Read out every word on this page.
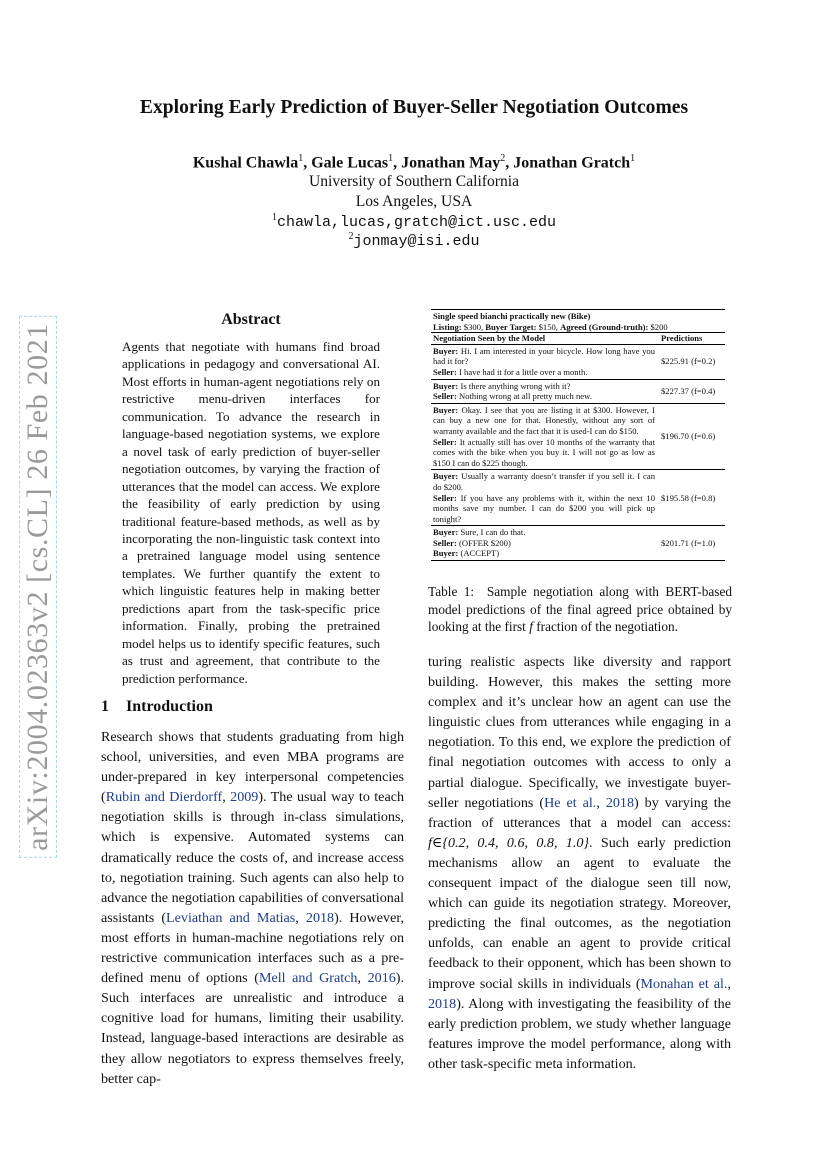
arXiv:2004.02363v2 [cs.CL] 26 Feb 2021
Exploring Early Prediction of Buyer-Seller Negotiation Outcomes
Kushal Chawla$^1$, Gale Lucas$^1$, Jonathan May$^2$, Jonathan Gratch$^1$
University of Southern California
Los Angeles, USA
$^1$chawla,lucas,gratch@ict.usc.edu
$^2$jonmay@isi.edu
Abstract
Agents that negotiate with humans find broad applications in pedagogy and conversational AI. Most efforts in human-agent negotiations rely on restrictive menu-driven interfaces for communication. To advance the research in language-based negotiation systems, we explore a novel task of early prediction of buyer-seller negotiation outcomes, by varying the fraction of utterances that the model can access. We explore the feasibility of early prediction by using traditional feature-based methods, as well as by incorporating the non-linguistic task context into a pretrained language model using sentence templates. We further quantify the extent to which linguistic features help in making better predictions apart from the task-specific price information. Finally, probing the pretrained model helps us to identify specific features, such as trust and agreement, that contribute to the prediction performance.
1 Introduction
Research shows that students graduating from high school, universities, and even MBA programs are under-prepared in key interpersonal competencies (Rubin and Dierdorff, 2009). The usual way to teach negotiation skills is through in-class simulations, which is expensive. Automated systems can dramatically reduce the costs of, and increase access to, negotiation training. Such agents can also help to advance the negotiation capabilities of conversational assistants (Leviathan and Matias, 2018). However, most efforts in human-machine negotiations rely on restrictive communication interfaces such as a pre-defined menu of options (Mell and Gratch, 2016). Such interfaces are unrealistic and introduce a cognitive load for humans, limiting their usability. Instead, language-based interactions are desirable as they allow negotiators to express themselves freely, better cap-
turing realistic aspects like diversity and rapport building. However, this makes the setting more complex and it’s unclear how an agent can use the linguistic clues from utterances while engaging in a negotiation. To this end, we explore the prediction of final negotiation outcomes with access to only a partial dialogue. Specifically, we investigate buyer-seller negotiations (He et al., 2018) by varying the fraction of utterances that a model can access: f∈{0.2, 0.4, 0.6, 0.8, 1.0}. Such early prediction mechanisms allow an agent to evaluate the consequent impact of the dialogue seen till now, which can guide its negotiation strategy. Moreover, predicting the final outcomes, as the negotiation unfolds, can enable an agent to provide critical feedback to their opponent, which has been shown to improve social skills in individuals (Monahan et al., 2018). Along with investigating the feasibility of the early prediction problem, we study whether language features improve the model performance, along with other task-specific meta information.
Single speed bianchi practically new (Bike)
Listing: $300, Buyer Target: $150, Agreed (Ground-truth): $200
Negotiation Seen by the Model	Predictions
Buyer: Hi. I am interested in your bicycle. How long have you had it for?
Seller: I have had it for a little over a month.
$225.91 (f=0.2)
Buyer: Is there anything wrong with it?
Seller: Nothing wrong at all pretty much new.
$227.37 (f=0.4)
Buyer: Okay. I see that you are listing it at $300. However, I can buy a new one for that. Honestly, without any sort of warranty available and the fact that it is used-I can do $150.
Seller: It actually still has over 10 months of the warranty that comes with the bike when you buy it. I will not go as low as $150 I can do $225 though.
$196.70 (f=0.6)
Buyer: Usually a warranty doesn’t transfer if you sell it. I can do $200.
Seller: If you have any problems with it, within the next 10 months save my number. I can do $200 you will pick up tonight?
$195.58 (f=0.8)
Buyer: Sure, I can do that.
Seller: (OFFER $200)
Buyer: (ACCEPT)
$201.71 (f=1.0)
Table 1: Sample negotiation along with BERT-based model predictions of the final agreed price obtained by looking at the first f fraction of the negotiation.
